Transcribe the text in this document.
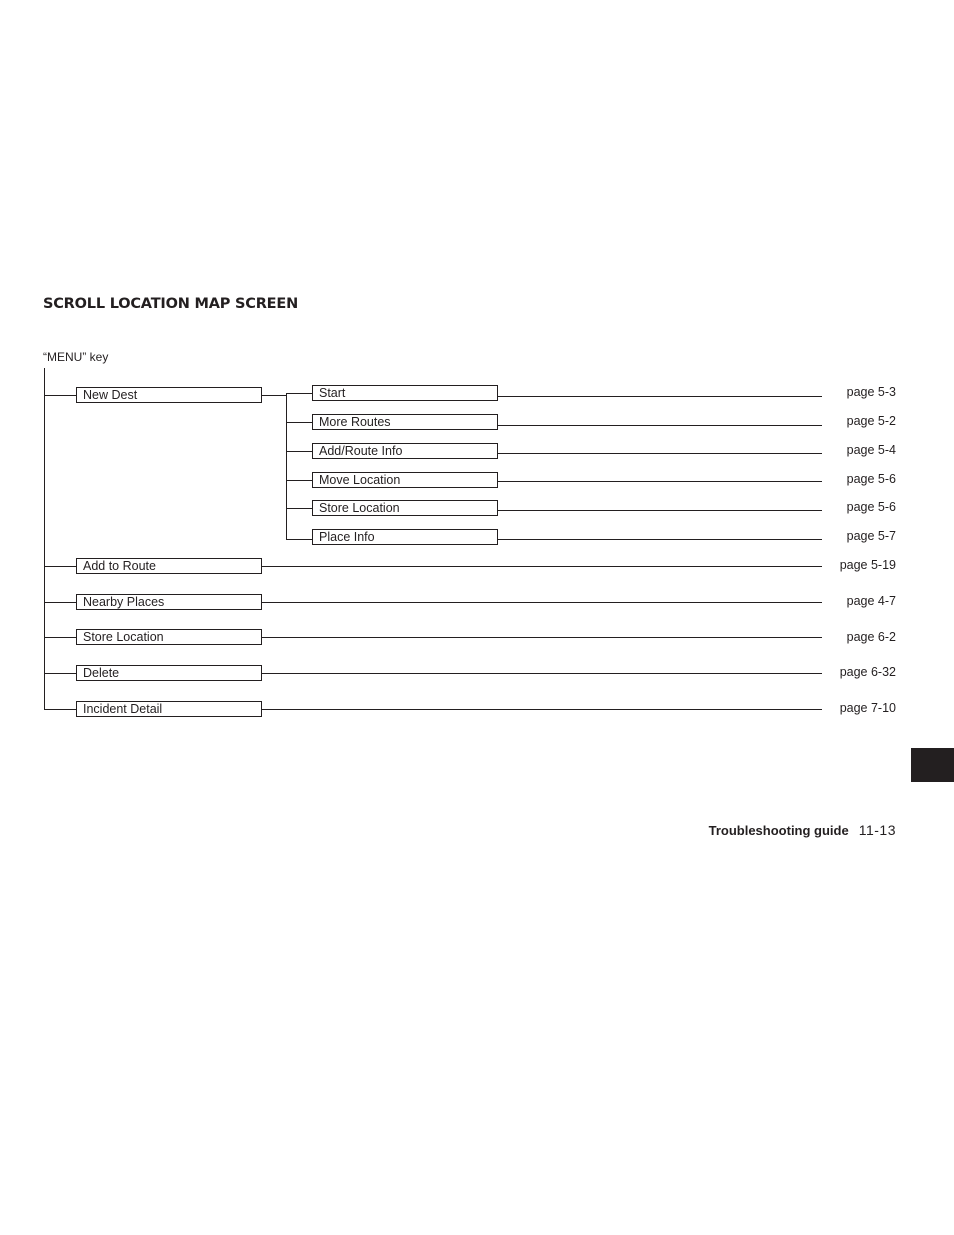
SCROLL LOCATION MAP SCREEN
“MENU” key
New Dest
Add to Route
Nearby Places
Store Location
Delete
Incident Detail
Start
More Routes
Add/Route Info
Move Location
Store Location
Place Info
page 5-3
page 5-2
page 5-4
page 5-6
page 5-6
page 5-7
page 5-19
page 4-7
page 6-2
page 6-32
page 7-10
Troubleshooting guide 11-13
